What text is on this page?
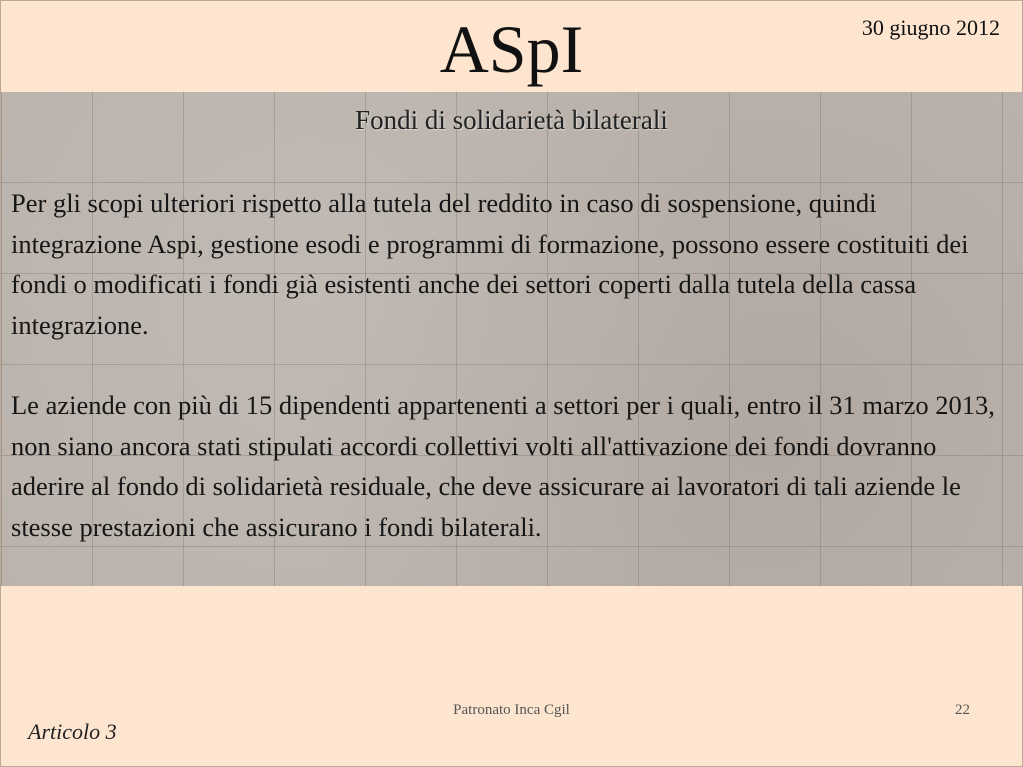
ASpI	30 giugno 2012
Fondi di solidarietà bilaterali

Per gli scopi ulteriori rispetto alla tutela del reddito in caso di sospensione, quindi integrazione Aspi, gestione esodi e programmi di formazione, possono essere costituiti dei fondi o modificati i fondi già esistenti anche dei settori coperti dalla tutela della cassa integrazione.

Le aziende con più di 15 dipendenti appartenenti a settori per i quali, entro il 31 marzo 2013, non siano ancora stati stipulati accordi collettivi volti all'attivazione dei fondi dovranno aderire al fondo di solidarietà residuale, che deve assicurare ai lavoratori di tali aziende le stesse prestazioni che assicurano i fondi bilaterali.

Patronato Inca Cgil	22
Articolo 3
